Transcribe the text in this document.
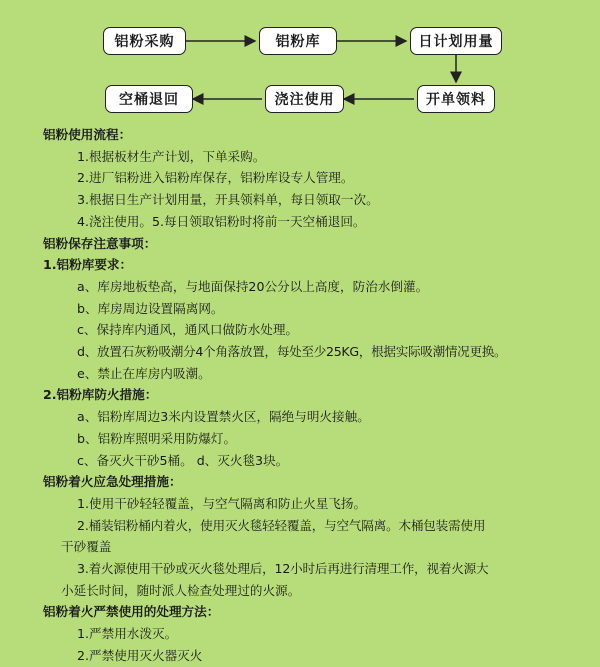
铝粉采购	铝粉库	日计划用量
开单领料
浇注使用
空桶退回
铝粉使用流程：
1.根据板材生产计划，下单采购。
2.进厂铝粉进入铝粉库保存，铝粉库设专人管理。
3.根据日生产计划用量，开具领料单，每日领取一次。
4.浇注使用。5.每日领取铝粉时将前一天空桶退回。
铝粉保存注意事项：
1.铝粉库要求：
a、库房地板垫高，与地面保持20公分以上高度，防治水倒灌。
b、库房周边设置隔离网。
c、保持库内通风，通风口做防水处理。
d、放置石灰粉吸潮分4个角落放置，每处至少25KG，根据实际吸潮情况更换。
e、禁止在库房内吸潮。
2.铝粉库防火措施：
a、铝粉库周边3米内设置禁火区，隔绝与明火接触。
b、铝粉库照明采用防爆灯。
c、备灭火干砂5桶。 d、灭火毯3块。
铝粉着火应急处理措施：
1.使用干砂轻轻覆盖，与空气隔离和防止火星飞扬。
2.桶装铝粉桶内着火，使用灭火毯轻轻覆盖，与空气隔离。木桶包装需使用
干砂覆盖
3.着火源使用干砂或灭火毯处理后，12小时后再进行清理工作，视着火源大
小延长时间，随时派人检查处理过的火源。
铝粉着火严禁使用的处理方法：
1.严禁用水泼灭。
2.严禁使用灭火器灭火
